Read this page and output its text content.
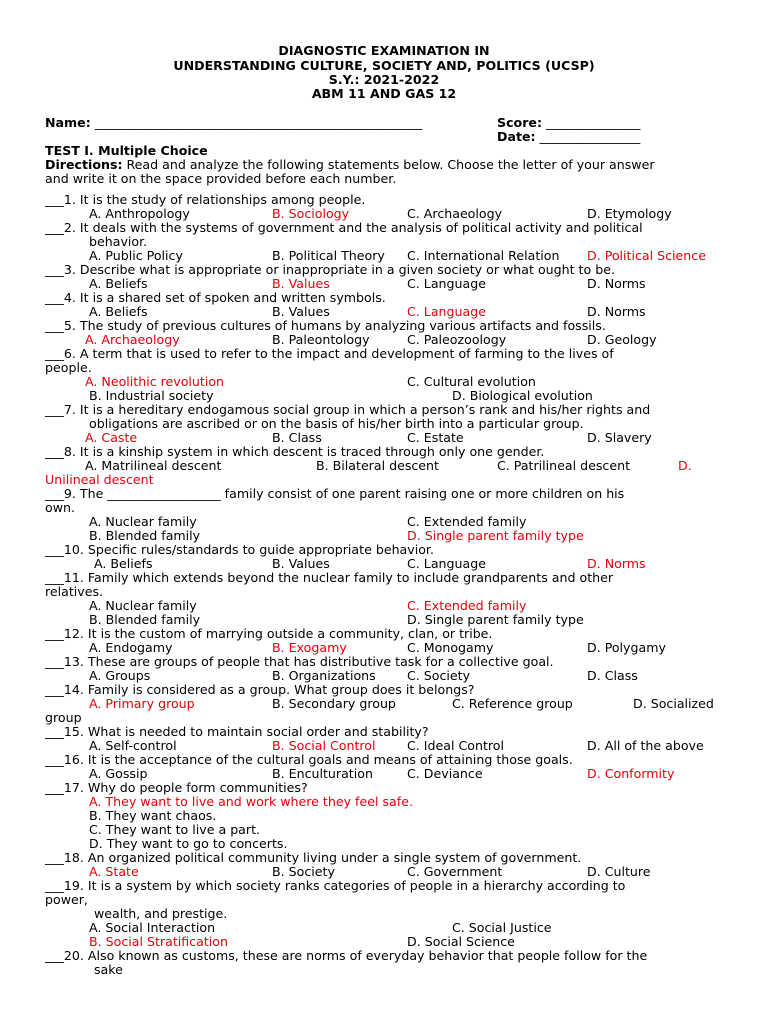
DIAGNOSTIC EXAMINATION IN
UNDERSTANDING CULTURE, SOCIETY AND, POLITICS (UCSP)
S.Y.: 2021-2022
ABM 11 AND GAS 12
Name: ____________________________________________________	Score: _______________
Date: ________________
TEST I. Multiple Choice
Directions: Read and analyze the following statements below. Choose the letter of your answer
and write it on the space provided before each number.
___1. It is the study of relationships among people.
A. Anthropology	B. Sociology	C. Archaeology	D. Etymology
___2. It deals with the systems of government and the analysis of political activity and political
behavior.
A. Public Policy	B. Political Theory C. International Relation D. Political Science
___3. Describe what is appropriate or inappropriate in a given society or what ought to be.
A. Beliefs	B. Values	C. Language	D. Norms
___4. It is a shared set of spoken and written symbols.
A. Beliefs	B. Values	C. Language	D. Norms
___5. The study of previous cultures of humans by analyzing various artifacts and fossils.
A. Archaeology	B. Paleontology	C. Paleozoology	D. Geology
___6. A term that is used to refer to the impact and development of farming to the lives of
people.
A. Neolithic revolution	C. Cultural evolution
B. Industrial society	D. Biological evolution
___7. It is a hereditary endogamous social group in which a person’s rank and his/her rights and
obligations are ascribed or on the basis of his/her birth into a particular group.
A. Caste	B. Class	C. Estate	D. Slavery
___8. It is a kinship system in which descent is traced through only one gender.
A. Matrilineal descent	B. Bilateral descent	C. Patrilineal descent	D.
Unilineal descent
___9. The __________________ family consist of one parent raising one or more children on his
own.
A. Nuclear family	C. Extended family
B. Blended family	D. Single parent family type
___10. Specific rules/standards to guide appropriate behavior.
A. Beliefs	B. Values	C. Language	D. Norms
___11. Family which extends beyond the nuclear family to include grandparents and other
relatives.
A. Nuclear family	C. Extended family
B. Blended family	D. Single parent family type
___12. It is the custom of marrying outside a community, clan, or tribe.
A. Endogamy	B. Exogamy	C. Monogamy	D. Polygamy
___13. These are groups of people that has distributive task for a collective goal.
A. Groups	B. Organizations C. Society	D. Class
___14. Family is considered as a group. What group does it belongs?
A. Primary group	B. Secondary group	C. Reference group	D. Socialized
group
___15. What is needed to maintain social order and stability?
A. Self-control	B. Social Control C. Ideal Control	D. All of the above
___16. It is the acceptance of the cultural goals and means of attaining those goals.
A. Gossip	B. Enculturation	C. Deviance	D. Conformity
___17. Why do people form communities?
A. They want to live and work where they feel safe.
B. They want chaos.
C. They want to live a part.
D. They want to go to concerts.
___18. An organized political community living under a single system of government.
A. State	B. Society	C. Government	D. Culture
___19. It is a system by which society ranks categories of people in a hierarchy according to
power,
wealth, and prestige.
A. Social Interaction	C. Social Justice
B. Social Stratification	D. Social Science
___20. Also known as customs, these are norms of everyday behavior that people follow for the
sake
